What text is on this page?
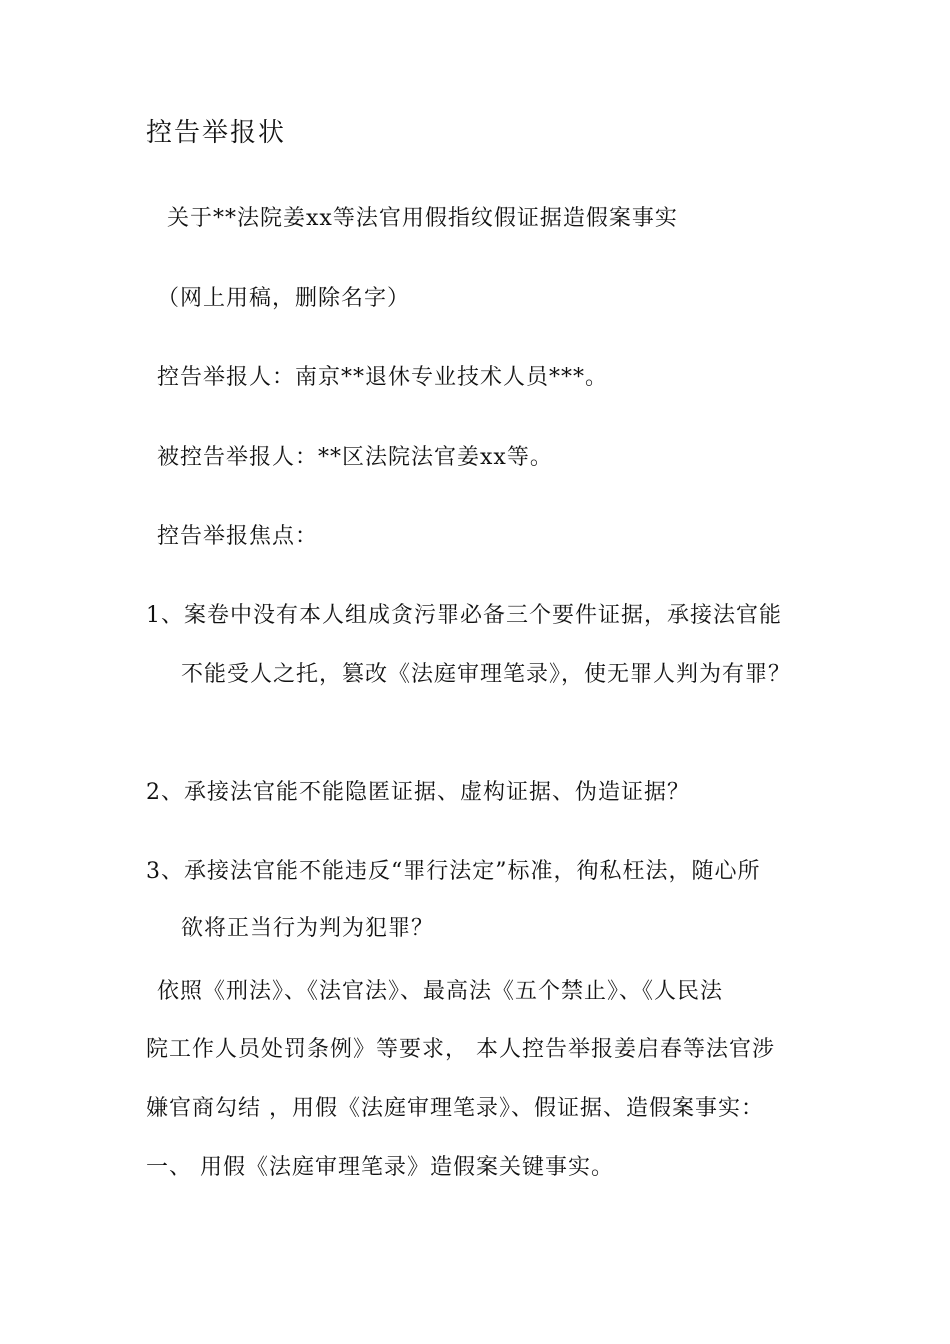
控告举报状
关于**法院姜xx等法官用假指纹假证据造假案事实
（网上用稿，删除名字）
控告举报人：南京**退休专业技术人员***。
被控告举报人：**区法院法官姜xx等。
控告举报焦点：
1、案卷中没有本人组成贪污罪必备三个要件证据，承接法官能
不能受人之托，篡改《法庭审理笔录》，使无罪人判为有罪？
2、承接法官能不能隐匿证据、虚构证据、伪造证据？
3、承接法官能不能违反“罪行法定”标准，徇私枉法，随心所
欲将正当行为判为犯罪？
依照《刑法》、《法官法》、最高法《五个禁止》、《人民法
院工作人员处罚条例》等要求， 本人控告举报姜启春等法官涉
嫌官商勾结 ，用假《法庭审理笔录》、假证据、造假案事实：
一、 用假《法庭审理笔录》造假案关键事实。
